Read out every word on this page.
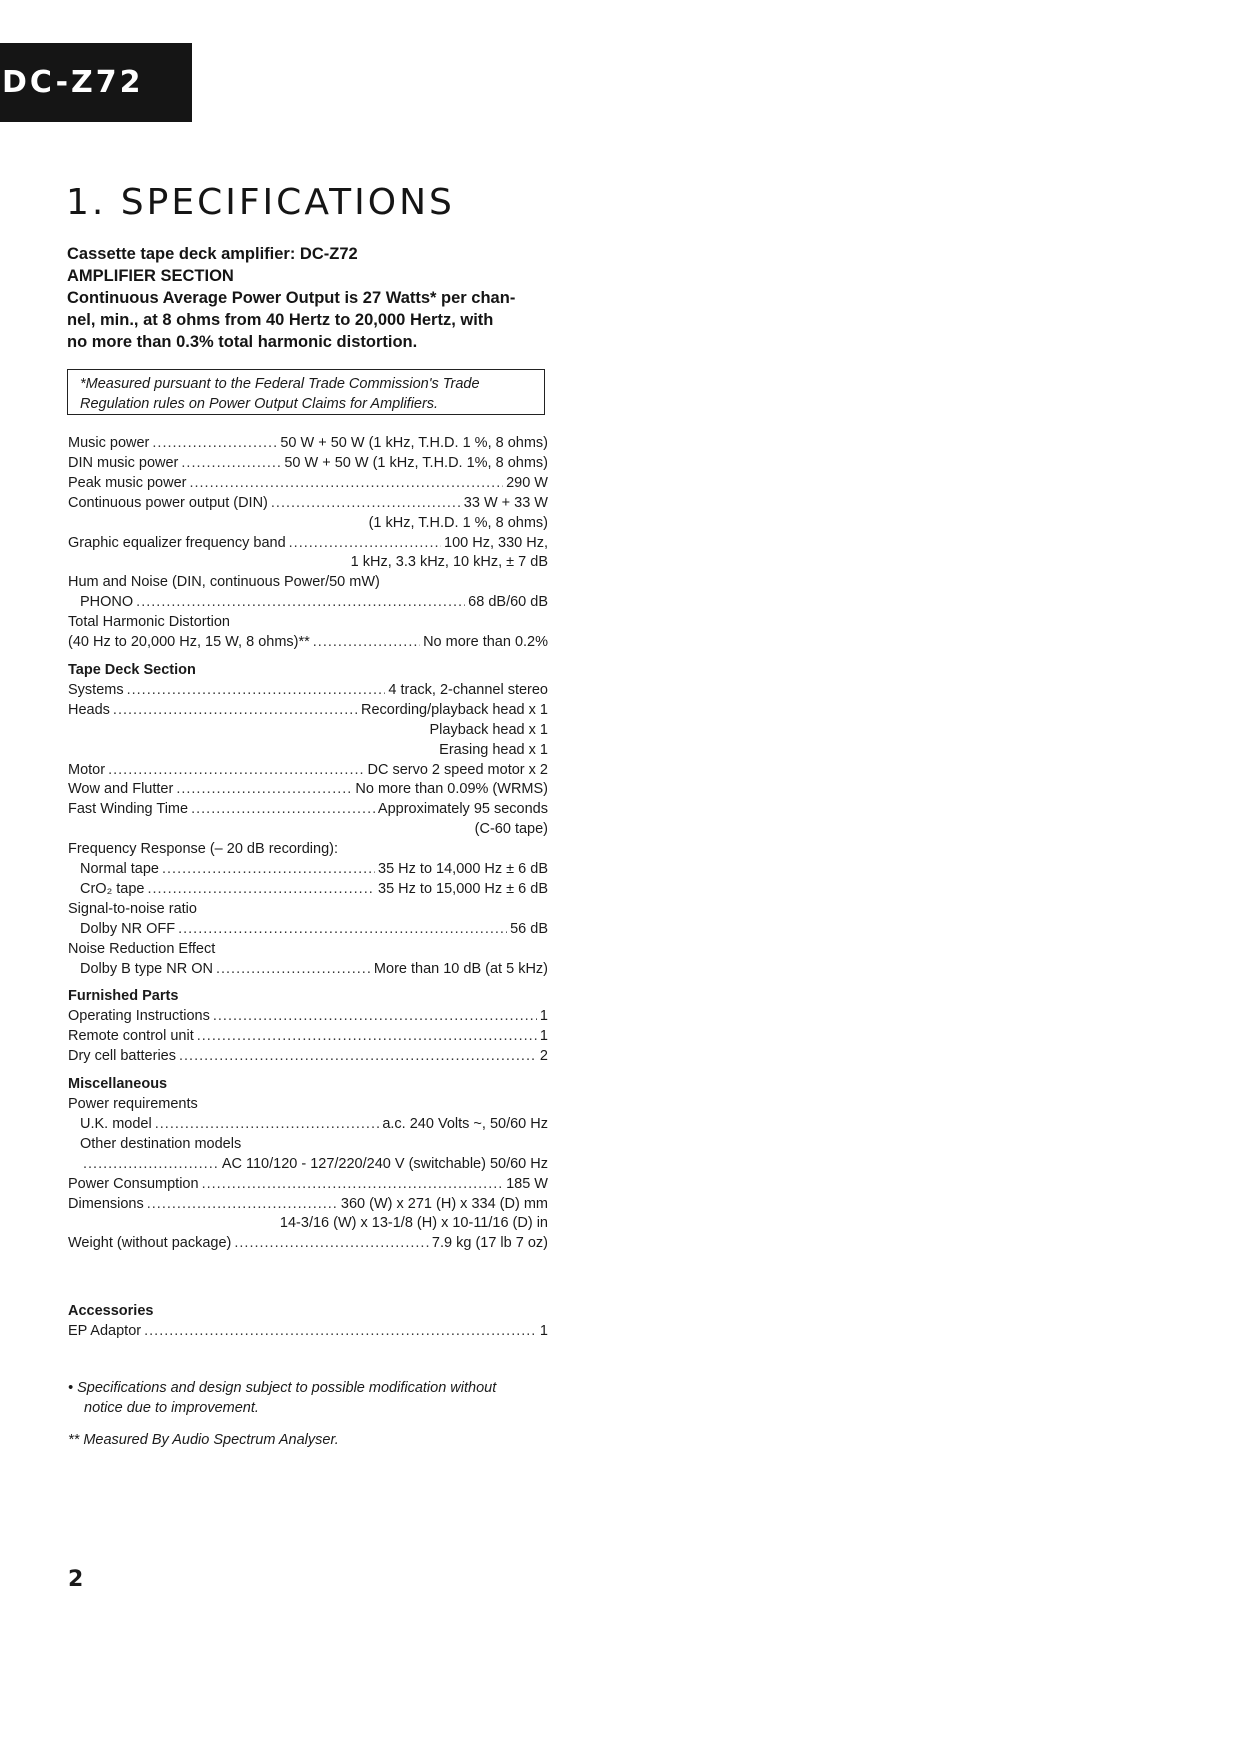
DC-Z72
1. SPECIFICATIONS
Cassette tape deck amplifier: DC-Z72
AMPLIFIER SECTION
Continuous Average Power Output is 27 Watts* per chan-
nel, min., at 8 ohms from 40 Hertz to 20,000 Hertz, with
no more than 0.3% total harmonic distortion.
*Measured pursuant to the Federal Trade Commission's Trade
Regulation rules on Power Output Claims for Amplifiers.
Music power .....	50 W + 50 W (1 kHz, T.H.D. 1 %, 8 ohms)
DIN music power .....	50 W + 50 W (1 kHz, T.H.D. 1%, 8 ohms)
Peak music power .....	290 W
Continuous power output (DIN) .....	33 W + 33 W
(1 kHz, T.H.D. 1 %, 8 ohms)
Graphic equalizer frequency band .....	100 Hz, 330 Hz,
1 kHz, 3.3 kHz, 10 kHz, ± 7 dB
Hum and Noise (DIN, continuous Power/50 mW)
PHONO .....	68 dB/60 dB
Total Harmonic Distortion
(40 Hz to 20,000 Hz, 15 W, 8 ohms)** .....	No more than 0.2%
Tape Deck Section
Systems .....	4 track, 2-channel stereo
Heads .....	Recording/playback head x 1
Playback head x 1
Erasing head x 1
Motor .....	DC servo 2 speed motor x 2
Wow and Flutter .....	No more than 0.09% (WRMS)
Fast Winding Time .....	Approximately 95 seconds
(C-60 tape)
Frequency Response (– 20 dB recording):
Normal tape .....	35 Hz to 14,000 Hz ± 6 dB
CrO₂ tape .....	35 Hz to 15,000 Hz ± 6 dB
Signal-to-noise ratio
Dolby NR OFF .....	56 dB
Noise Reduction Effect
Dolby B type NR ON .....	More than 10 dB (at 5 kHz)
Furnished Parts
Operating Instructions .....	1
Remote control unit .....	1
Dry cell batteries .....	2
Miscellaneous
Power requirements
U.K. model .....	a.c. 240 Volts ~, 50/60 Hz
Other destination models
.....
AC 110/120 - 127/220/240 V (switchable) 50/60 Hz
Power Consumption .....	185 W
Dimensions .....	360 (W) x 271 (H) x 334 (D) mm
14-3/16 (W) x 13-1/8 (H) x 10-11/16 (D) in
Weight (without package) .....	7.9 kg (17 lb 7 oz)
Accessories
EP Adaptor .....	1
• Specifications and design subject to possible modification without
notice due to improvement.
** Measured By Audio Spectrum Analyser.
2
